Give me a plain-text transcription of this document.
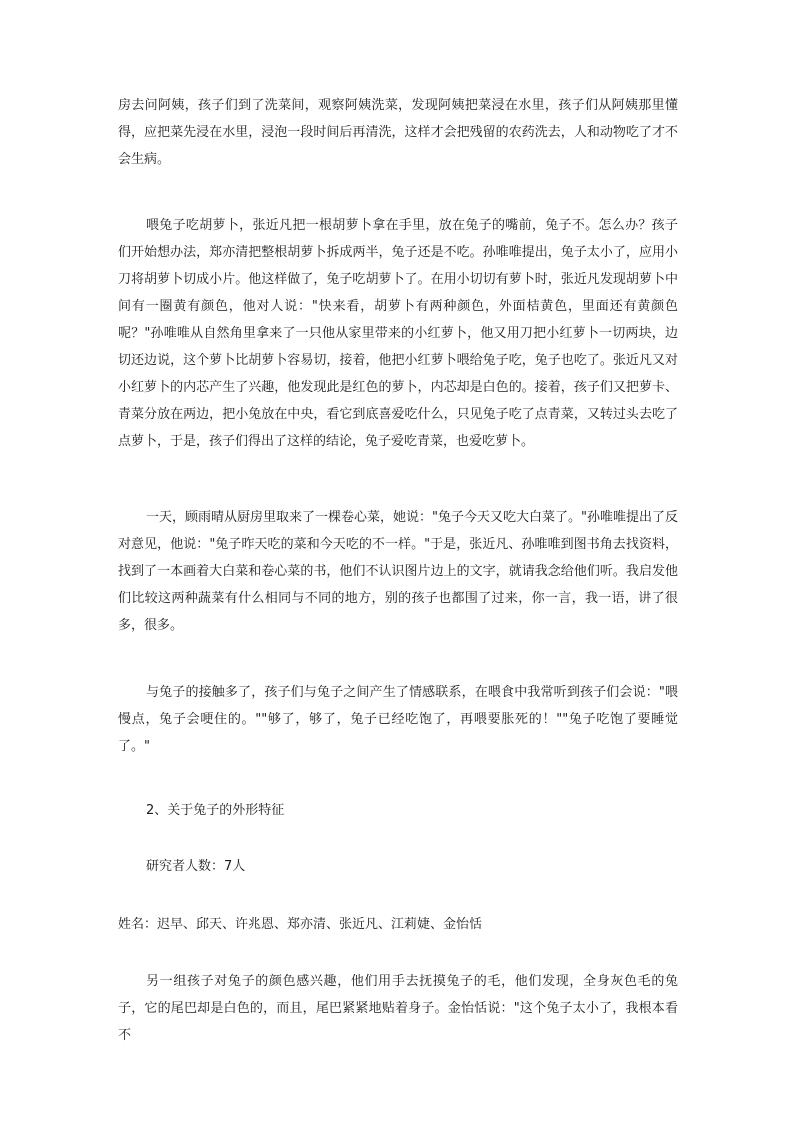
房去问阿姨，孩子们到了洗菜间，观察阿姨洗菜，发现阿姨把菜浸在水里，孩子们从阿姨那里懂得，应把菜先浸在水里，浸泡一段时间后再清洗，这样才会把残留的农药洗去，人和动物吃了才不会生病。

喂兔子吃胡萝卜，张近凡把一根胡萝卜拿在手里，放在兔子的嘴前，兔子不。怎么办？孩子们开始想办法，郑亦清把整根胡萝卜拆成两半，兔子还是不吃。孙唯唯提出，兔子太小了，应用小刀将胡萝卜切成小片。他这样做了，兔子吃胡萝卜了。在用小切切有萝卜时，张近凡发现胡萝卜中间有一圈黄有颜色，他对人说："快来看，胡萝卜有两种颜色，外面桔黄色，里面还有黄颜色呢？"孙唯唯从自然角里拿来了一只他从家里带来的小红萝卜，他又用刀把小红萝卜一切两块，边切还边说，这个萝卜比胡萝卜容易切，接着，他把小红萝卜喂给兔子吃，兔子也吃了。张近凡又对小红萝卜的内芯产生了兴趣，他发现此是红色的萝卜，内芯却是白色的。接着，孩子们又把萝卡、青菜分放在两边，把小兔放在中央，看它到底喜爱吃什么，只见兔子吃了点青菜，又转过头去吃了点萝卜，于是，孩子们得出了这样的结论，兔子爱吃青菜，也爱吃萝卜。

一天，顾雨晴从厨房里取来了一棵卷心菜，她说："兔子今天又吃大白菜了。"孙唯唯提出了反对意见，他说："兔子昨天吃的菜和今天吃的不一样。"于是，张近凡、孙唯唯到图书角去找资料，找到了一本画着大白菜和卷心菜的书，他们不认识图片边上的文字，就请我念给他们听。我启发他们比较这两种蔬菜有什么相同与不同的地方，别的孩子也都围了过来，你一言，我一语，讲了很多，很多。

与兔子的接触多了，孩子们与兔子之间产生了情感联系，在喂食中我常听到孩子们会说："喂慢点，兔子会哽住的。""够了，够了，兔子已经吃饱了，再喂要胀死的！""兔子吃饱了要睡觉了。"

2、关于兔子的外形特征

研究者人数：7人

姓名：迟早、邱天、许兆恩、郑亦清、张近凡、江莉婕、金怡恬

另一组孩子对兔子的颜色感兴趣，他们用手去抚摸兔子的毛，他们发现，全身灰色毛的兔子，它的尾巴却是白色的，而且，尾巴紧紧地贴着身子。金怡恬说："这个兔子太小了，我根本看不
